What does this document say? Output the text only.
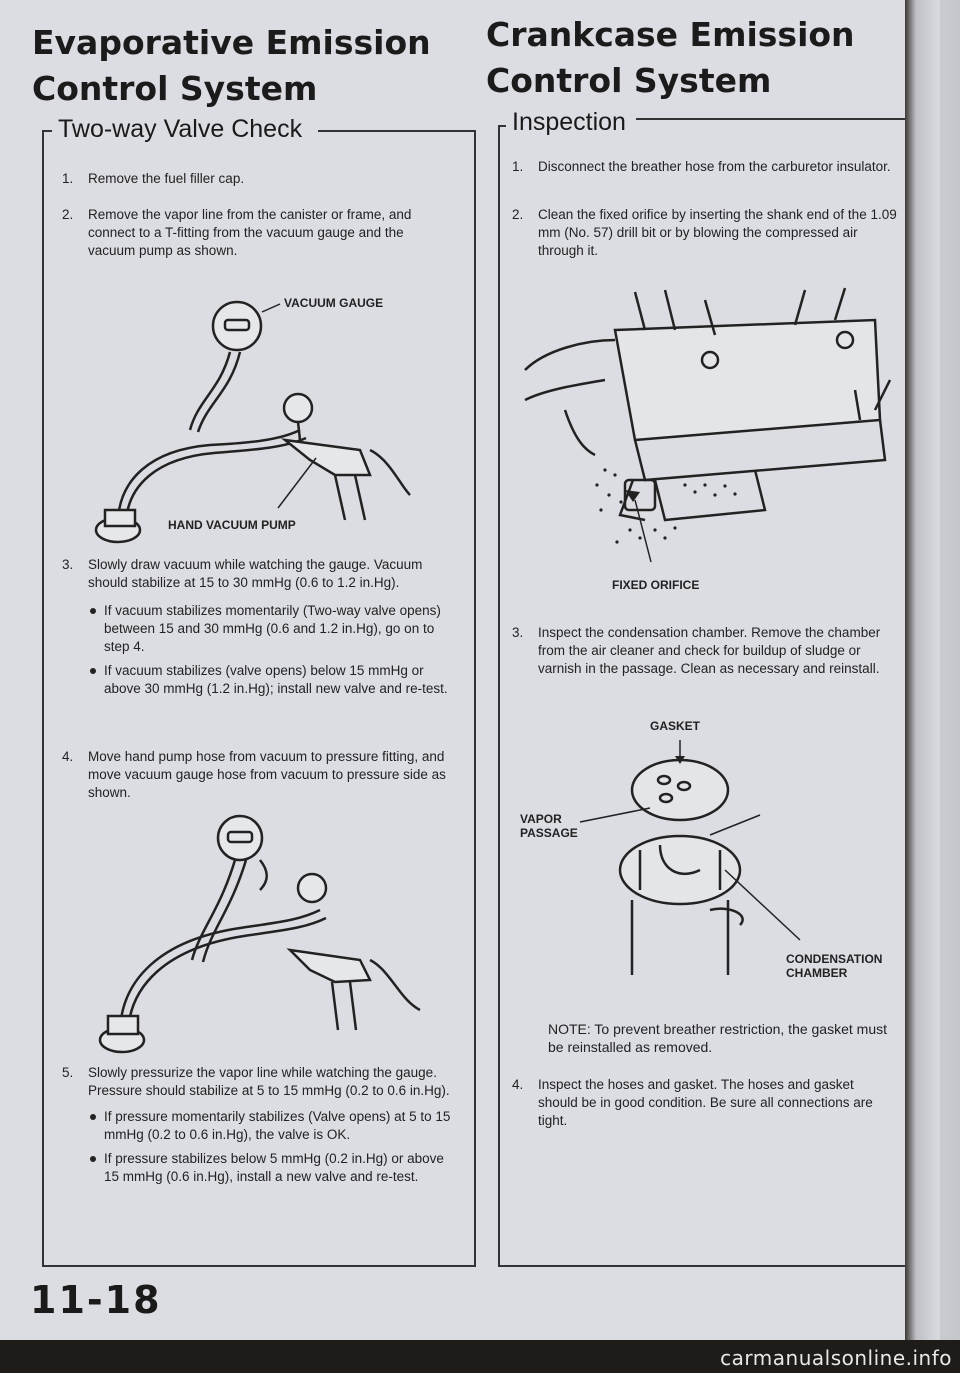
Evaporative Emission
Control System
Two-way Valve Check
1. Remove the fuel filler cap.
2. Remove the vapor line from the canister or frame, and connect to a T-fitting from the vacuum gauge and the vacuum pump as shown.
VACUUM GAUGE
HAND VACUUM PUMP
3. Slowly draw vacuum while watching the gauge. Vacuum should stabilize at 15 to 30 mmHg (0.6 to 1.2 in.Hg).
If vacuum stabilizes momentarily (Two-way valve opens) between 15 and 30 mmHg (0.6 and 1.2 in.Hg), go on to step 4.
If vacuum stabilizes (valve opens) below 15 mmHg or above 30 mmHg (1.2 in.Hg); install new valve and re-test.
4. Move hand pump hose from vacuum to pressure fitting, and move vacuum gauge hose from vacuum to pressure side as shown.
5. Slowly pressurize the vapor line while watching the gauge. Pressure should stabilize at 5 to 15 mmHg (0.2 to 0.6 in.Hg).
If pressure momentarily stabilizes (Valve opens) at 5 to 15 mmHg (0.2 to 0.6 in.Hg), the valve is OK.
If pressure stabilizes below 5 mmHg (0.2 in.Hg) or above 15 mmHg (0.6 in.Hg), install a new valve and re-test.
11-18
Crankcase Emission
Control System
Inspection
1. Disconnect the breather hose from the carburetor insulator.
2. Clean the fixed orifice by inserting the shank end of the 1.09 mm (No. 57) drill bit or by blowing the compressed air through it.
FIXED ORIFICE
3. Inspect the condensation chamber. Remove the chamber from the air cleaner and check for buildup of sludge or varnish in the passage. Clean as necessary and reinstall.
GASKET
VAPOR
PASSAGE
CONDENSATION
CHAMBER
NOTE: To prevent breather restriction, the gasket must be reinstalled as removed.
4. Inspect the hoses and gasket. The hoses and gasket should be in good condition. Be sure all connections are tight.
carmanualsonline.info
